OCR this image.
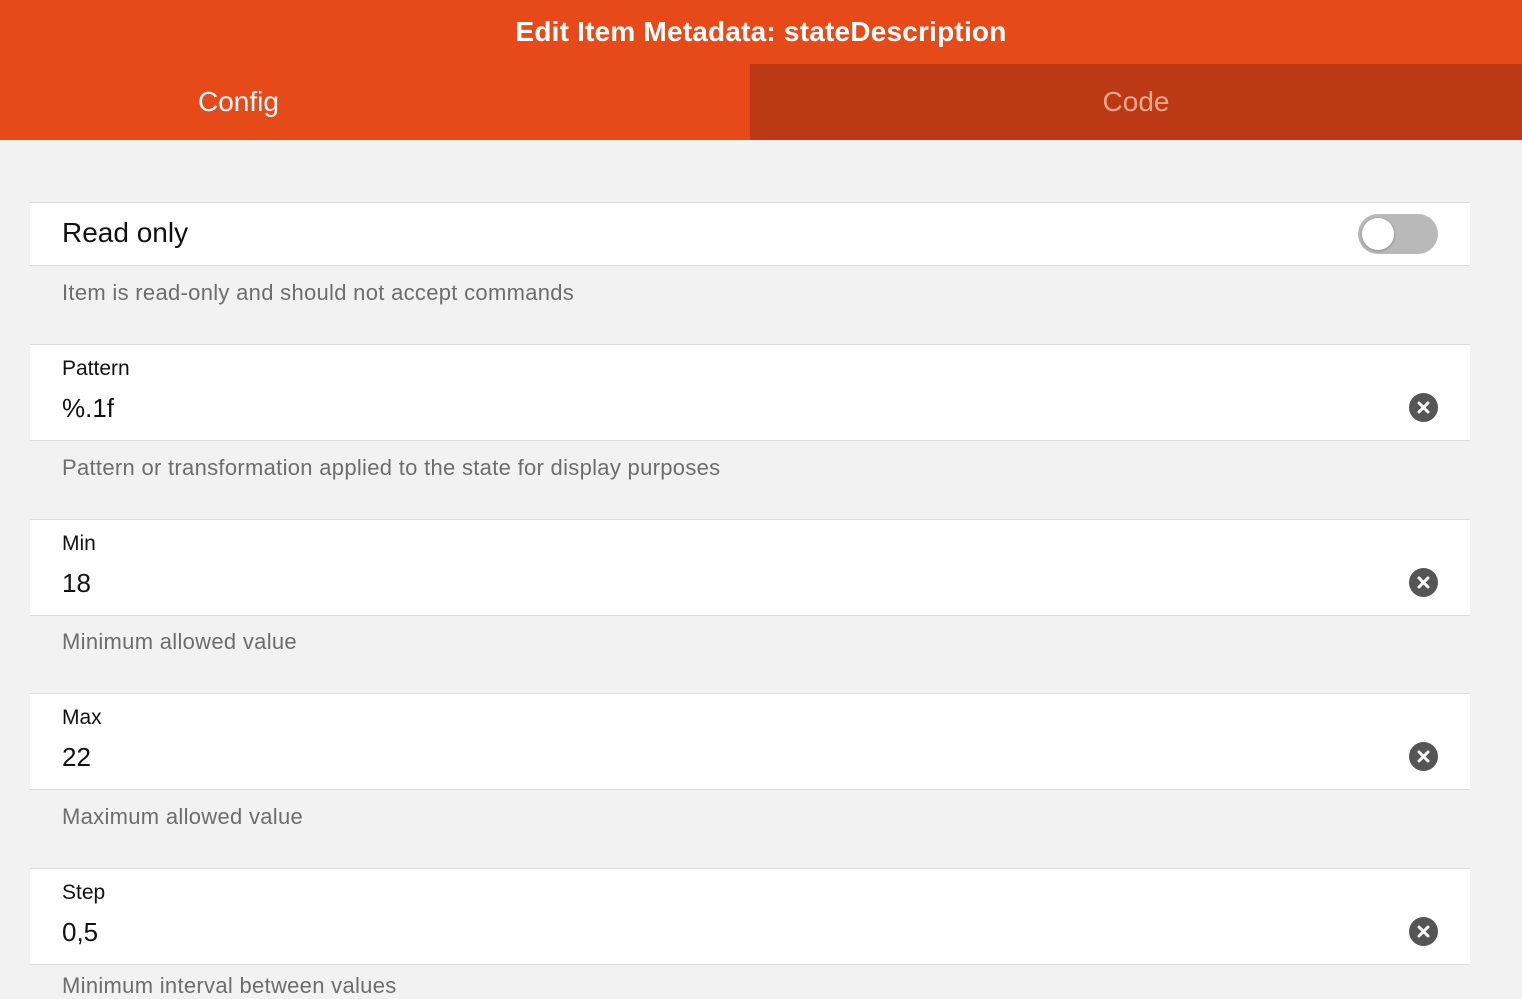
Edit Item Metadata: stateDescription
Config	Code
Read only
Item is read-only and should not accept commands
Pattern
%.1f
Pattern or transformation applied to the state for display purposes
Min
18
Minimum allowed value
Max
22
Maximum allowed value
Step
0,5
Minimum interval between values
